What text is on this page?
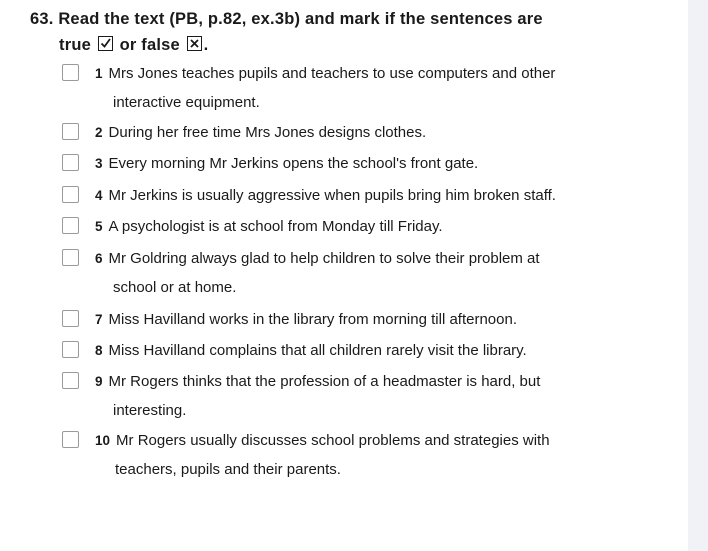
63. Read the text (PB, p.82, ex.3b) and mark if the sentences are
true or false ☒ .
1 Mrs Jones teaches pupils and teachers to use computers and other
interactive equipment.
2 During her free time Mrs Jones designs clothes.
3 Every morning Mr Jerkins opens the school's front gate.
4 Mr Jerkins is usually aggressive when pupils bring him broken staff.
5 A psychologist is at school from Monday till Friday.
6 Mr Goldring always glad to help children to solve their problem at
school or at home.
7 Miss Havilland works in the library from morning till afternoon.
8 Miss Havilland complains that all children rarely visit the library.
9 Mr Rogers thinks that the profession of a headmaster is hard, but
interesting.
10 Mr Rogers usually discusses school problems and strategies with
teachers, pupils and their parents.
